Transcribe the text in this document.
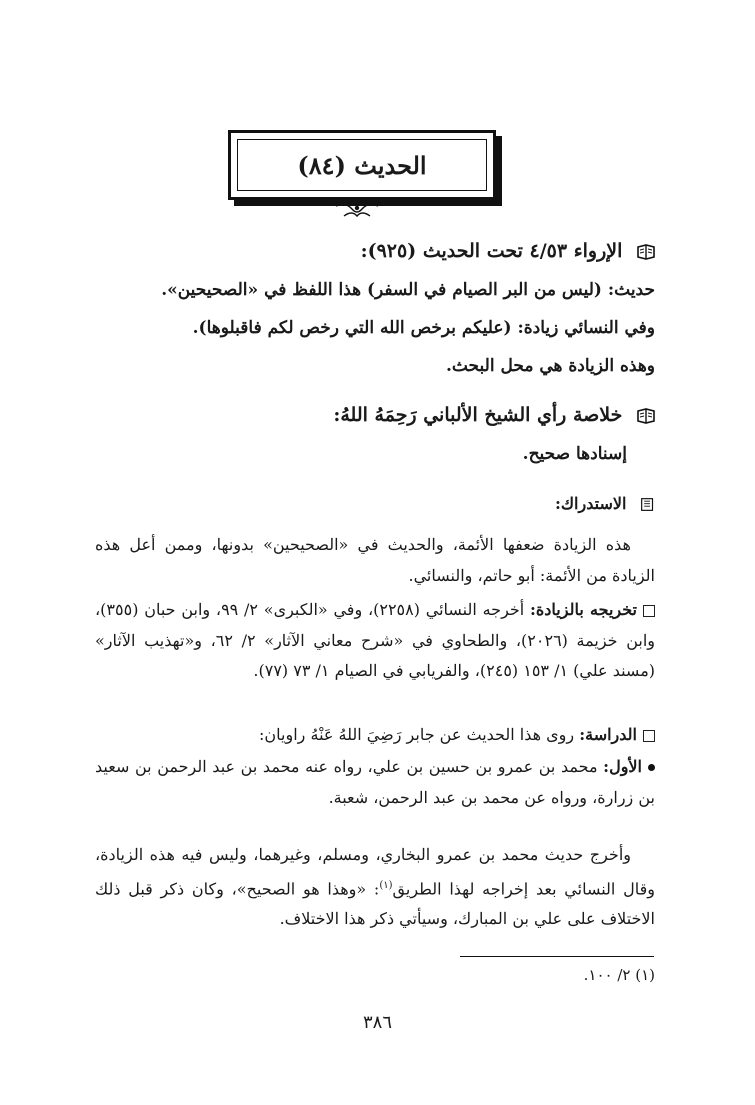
الحديث (٨٤)
الإرواء ٤/٥٣ تحت الحديث (٩٢٥):
حديث: (ليس من البر الصيام في السفر) هذا اللفظ في «الصحيحين».
وفي النسائي زيادة: (عليكم برخص الله التي رخص لكم فاقبلوها).
وهذه الزيادة هي محل البحث.
خلاصة رأي الشيخ الألباني رَحِمَهُ اللهُ:
إسنادها صحيح.
الاستدراك:

هذه الزيادة ضعفها الأئمة، والحديث في «الصحيحين» بدونها، وممن أعل هذه الزيادة من الأئمة: أبو حاتم، والنسائي.

تخريجه بالزيادة: أخرجه النسائي (٢٢٥٨)، وفي «الكبرى» ٢/ ٩٩، وابن حبان (٣٥٥)، وابن خزيمة (٢٠٢٦)، والطحاوي في «شرح معاني الآثار» ٢/ ٦٢، و«تهذيب الآثار» (مسند علي) ١/ ١٥٣ (٢٤٥)، والفريابي في الصيام ١/ ٧٣ (٧٧).

الدراسة: روى هذا الحديث عن جابر رَضِيَ اللهُ عَنْهُ راويان:

الأول: محمد بن عمرو بن حسين بن علي، رواه عنه محمد بن عبد الرحمن بن سعيد بن زرارة، ورواه عن محمد بن عبد الرحمن، شعبة.

وأخرج حديث محمد بن عمرو البخاري، ومسلم، وغيرهما، وليس فيه هذه الزيادة، وقال النسائي بعد إخراجه لهذا الطريق$^{(١)}$: «وهذا هو الصحيح»، وكان ذكر قبل ذلك الاختلاف على علي بن المبارك، وسيأتي ذكر هذا الاختلاف.

(١) ٢/ ١٠٠.
٣٨٦
